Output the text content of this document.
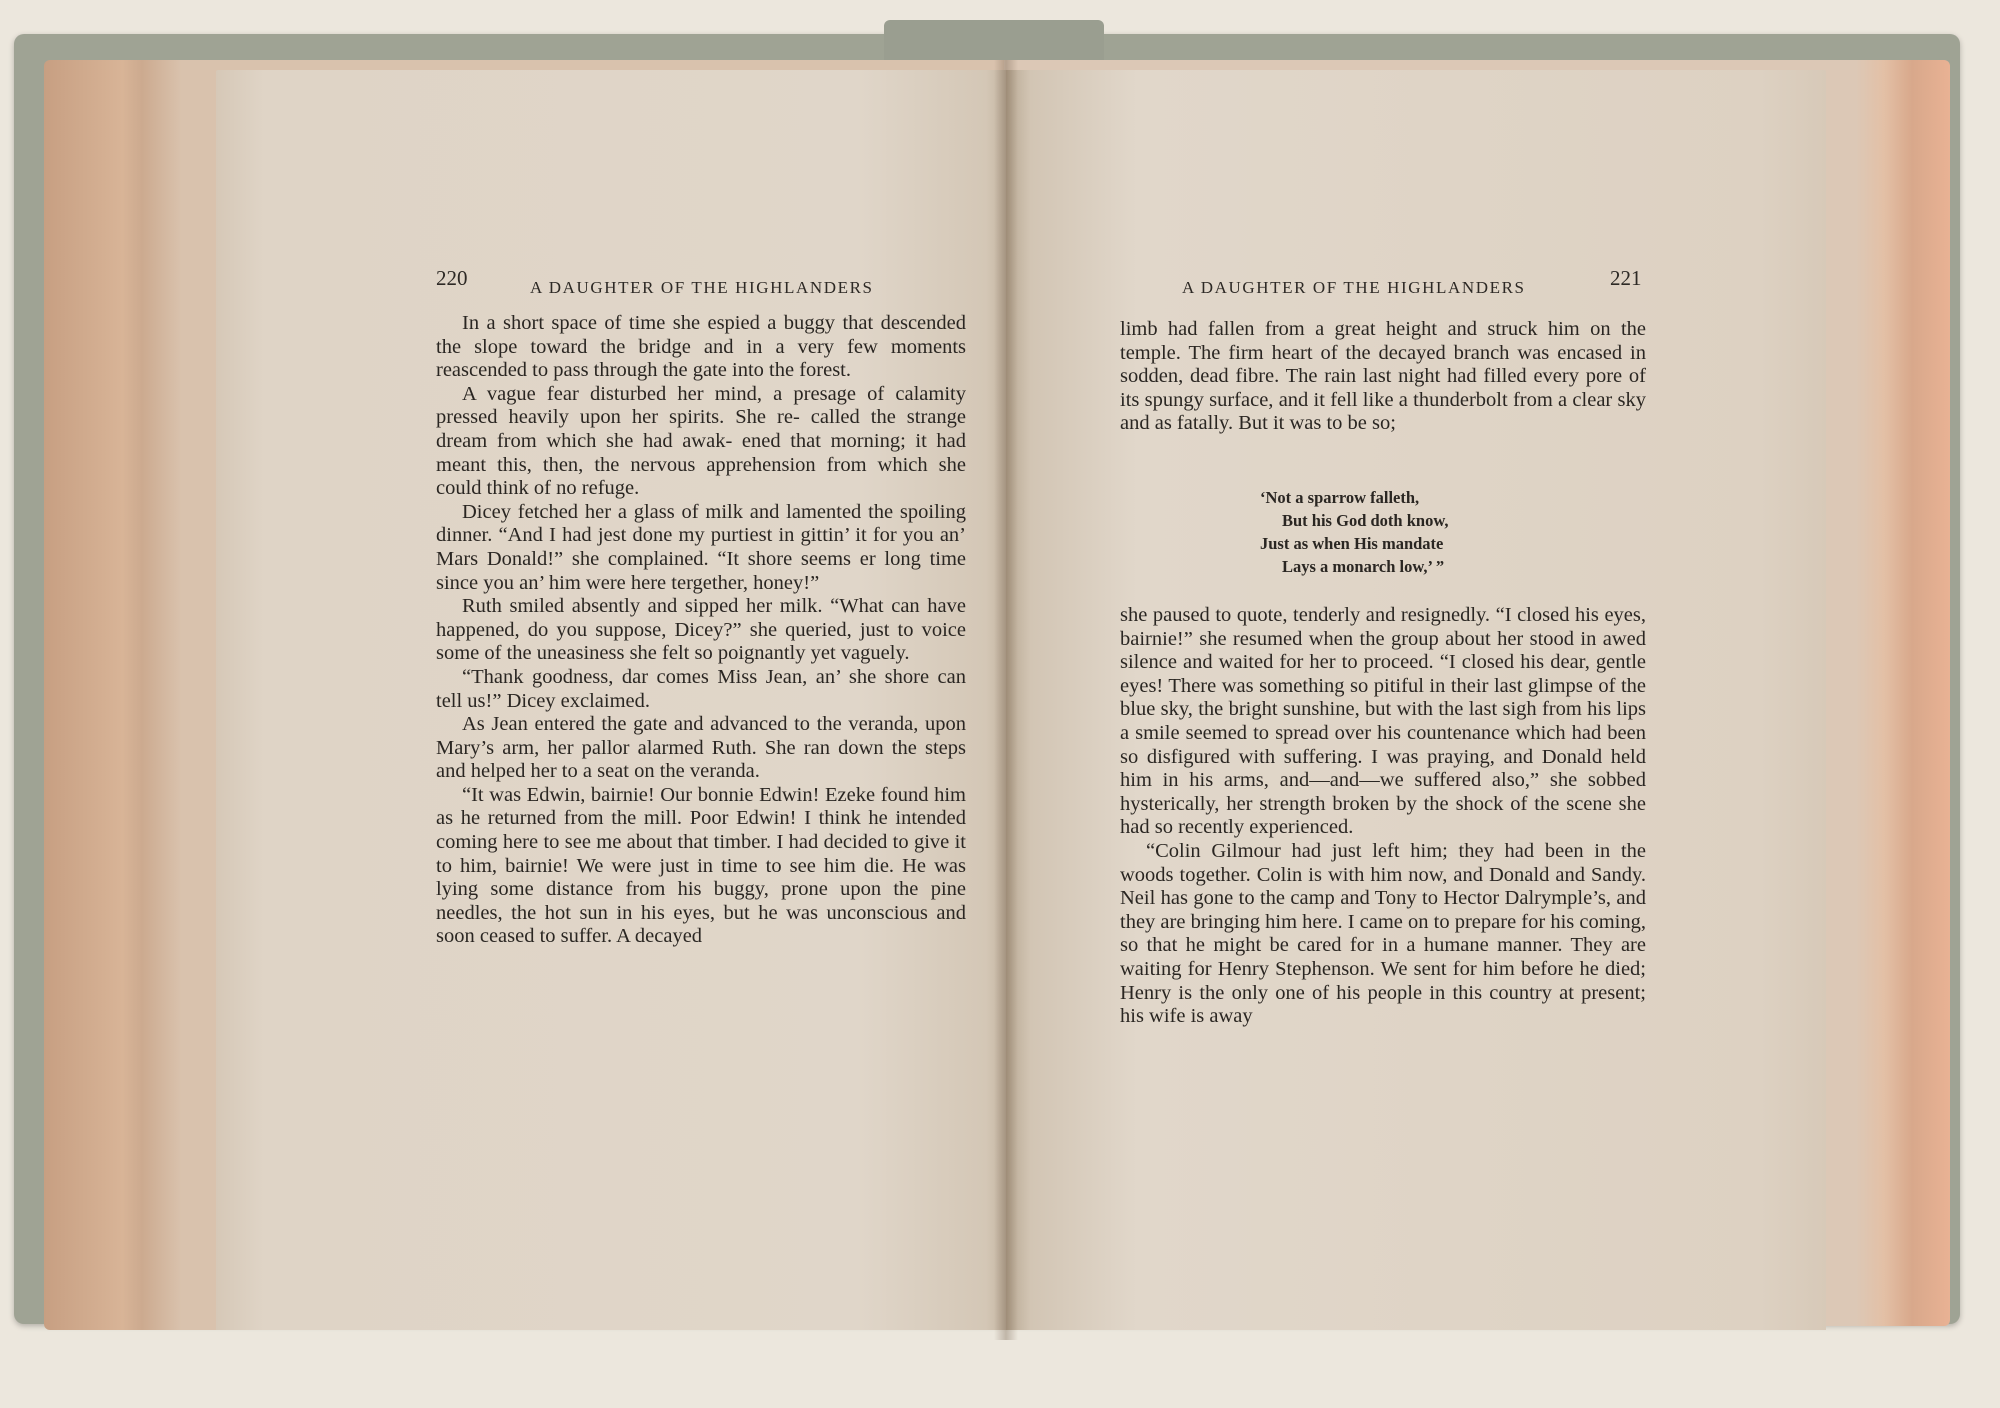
220	A DAUGHTER OF THE HIGHLANDERS

In a short space of time she espied a buggy that descended the slope toward the bridge and in a very few moments reascended to pass through the gate into the forest.

A vague fear disturbed her mind, a presage of calamity pressed heavily upon her spirits. She re- called the strange dream from which she had awak- ened that morning; it had meant this, then, the nervous apprehension from which she could think of no refuge.

Dicey fetched her a glass of milk and lamented the spoiling dinner. “And I had jest done my purtiest in gittin’ it for you an’ Mars Donald!” she complained. “It shore seems er long time since you an’ him were here tergether, honey!”

Ruth smiled absently and sipped her milk. “What can have happened, do you suppose, Dicey?” she queried, just to voice some of the uneasiness she felt so poignantly yet vaguely.

“Thank goodness, dar comes Miss Jean, an’ she shore can tell us!” Dicey exclaimed.

As Jean entered the gate and advanced to the veranda, upon Mary’s arm, her pallor alarmed Ruth. She ran down the steps and helped her to a seat on the veranda.

“It was Edwin, bairnie! Our bonnie Edwin! Ezeke found him as he returned from the mill. Poor Edwin! I think he intended coming here to see me about that timber. I had decided to give it to him, bairnie! We were just in time to see him die. He was lying some distance from his buggy, prone upon the pine needles, the hot sun in his eyes, but he was unconscious and soon ceased to suffer. A decayed

A DAUGHTER OF THE HIGHLANDERS	221

limb had fallen from a great height and struck him on the temple. The firm heart of the decayed branch was encased in sodden, dead fibre. The rain last night had filled every pore of its spungy surface, and it fell like a thunderbolt from a clear sky and as fatally. But it was to be so;

‘Not a sparrow falleth,
But his God doth know,
Just as when His mandate
Lays a monarch low,’ ”

she paused to quote, tenderly and resignedly. “I closed his eyes, bairnie!” she resumed when the group about her stood in awed silence and waited for her to proceed. “I closed his dear, gentle eyes! There was something so pitiful in their last glimpse of the blue sky, the bright sunshine, but with the last sigh from his lips a smile seemed to spread over his countenance which had been so disfigured with suffering. I was praying, and Donald held him in his arms, and—and—we suffered also,” she sobbed hysterically, her strength broken by the shock of the scene she had so recently experienced.

“Colin Gilmour had just left him; they had been in the woods together. Colin is with him now, and Donald and Sandy. Neil has gone to the camp and Tony to Hector Dalrymple’s, and they are bringing him here. I came on to prepare for his coming, so that he might be cared for in a humane manner. They are waiting for Henry Stephenson. We sent for him before he died; Henry is the only one of his people in this country at present; his wife is away
